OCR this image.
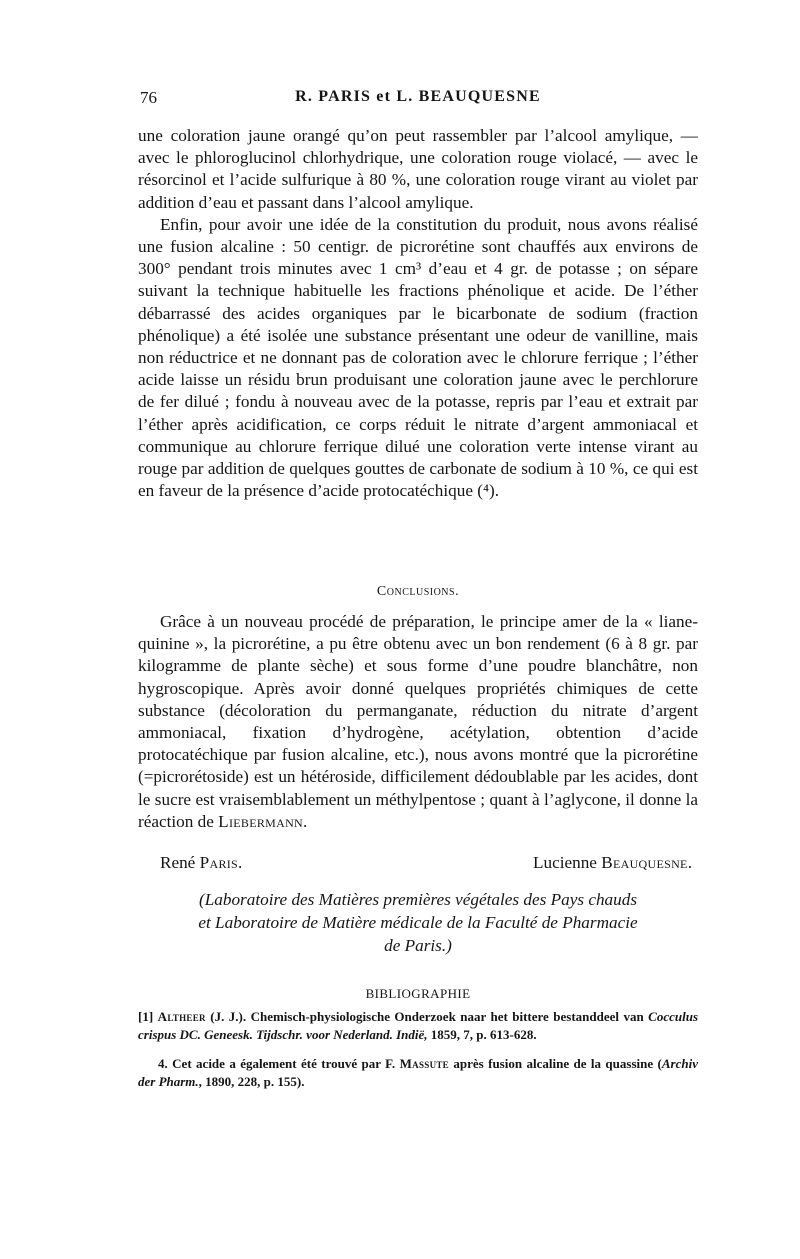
76	R. PARIS et L. BEAUQUESNE

une coloration jaune orangé qu’on peut rassembler par l’alcool amylique, — avec le phloroglucinol chlorhydrique, une coloration rouge violacé, — avec le résorcinol et l’acide sulfurique à 80 %, une coloration rouge virant au violet par addition d’eau et passant dans l’alcool amylique.

Enfin, pour avoir une idée de la constitution du produit, nous avons réalisé une fusion alcaline : 50 centigr. de picrorétine sont chauffés aux environs de 300° pendant trois minutes avec 1 cm³ d’eau et 4 gr. de potasse ; on sépare suivant la technique habituelle les fractions phénolique et acide. De l’éther débarrassé des acides organiques par le bicarbonate de sodium (fraction phénolique) a été isolée une substance présentant une odeur de vanilline, mais non réductrice et ne donnant pas de coloration avec le chlorure ferrique ; l’éther acide laisse un résidu brun produisant une coloration jaune avec le perchlorure de fer dilué ; fondu à nouveau avec de la potasse, repris par l’eau et extrait par l’éther après acidification, ce corps réduit le nitrate d’argent ammoniacal et communique au chlorure ferrique dilué une coloration verte intense virant au rouge par addition de quelques gouttes de carbonate de sodium à 10 %, ce qui est en faveur de la présence d’acide protocatéchique (⁴).

Conclusions.

Grâce à un nouveau procédé de préparation, le principe amer de la « liane-quinine », la picrorétine, a pu être obtenu avec un bon rendement (6 à 8 gr. par kilogramme de plante sèche) et sous forme d’une poudre blanchâtre, non hygroscopique. Après avoir donné quelques propriétés chimiques de cette substance (décoloration du permanganate, réduction du nitrate d’argent ammoniacal, fixation d’hydrogène, acétylation, obtention d’acide protocatéchique par fusion alcaline, etc.), nous avons montré que la picrorétine (=picrorétoside) est un hétéroside, difficilement dédoublable par les acides, dont le sucre est vraisemblablement un méthylpentose ; quant à l’aglycone, il donne la réaction de Liebermann.

René Paris.	Lucienne Beauquesne.
(Laboratoire des Matières premières végétales des Pays chauds
et Laboratoire de Matière médicale de la Faculté de Pharmacie
de Paris.)
BIBLIOGRAPHIE

[1] Altheer (J. J.). Chemisch-physiologische Onderzoek naar het bittere bestanddeel van Cocculus crispus DC. Geneesk. Tijdschr. voor Nederland. Indië, 1859, 7, p. 613-628.

4. Cet acide a également été trouvé par F. Massute après fusion alcaline de la quassine (Archiv der Pharm., 1890, 228, p. 155).
